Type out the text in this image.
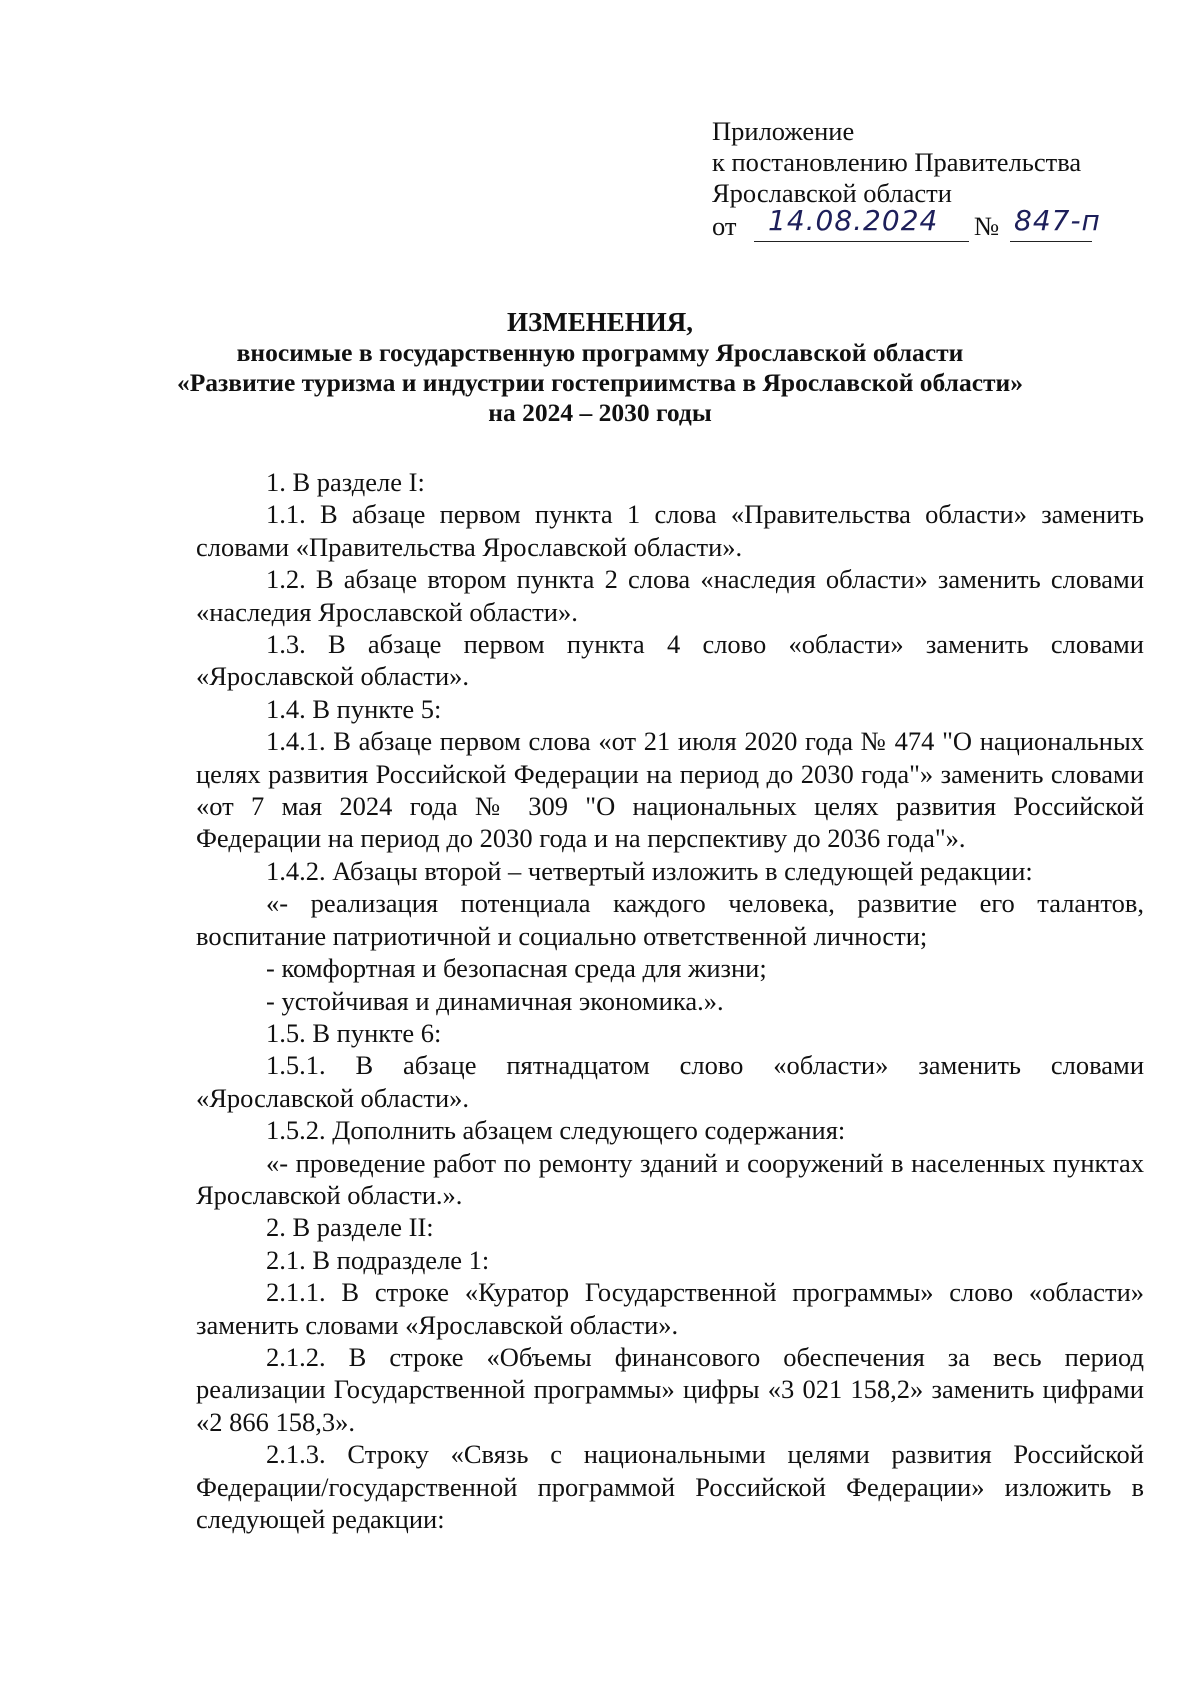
Приложение
к постановлению Правительства
Ярославской области
от 14.08.2024 № 847-п
ИЗМЕНЕНИЯ,
вносимые в государственную программу Ярославской области
«Развитие туризма и индустрии гостеприимства в Ярославской области»
на 2024 – 2030 годы

1. В разделе I:

1.1. В абзаце первом пункта 1 слова «Правительства области» заменить словами «Правительства Ярославской области».

1.2. В абзаце втором пункта 2 слова «наследия области» заменить словами «наследия Ярославской области».

1.3. В абзаце первом пункта 4 слово «области» заменить словами «Ярославской области».

1.4. В пункте 5:

1.4.1. В абзаце первом слова «от 21 июля 2020 года № 474 "О национальных целях развития Российской Федерации на период до 2030 года"» заменить словами «от 7 мая 2024 года № 309 "О национальных целях развития Российской Федерации на период до 2030 года и на перспективу до 2036 года"».

1.4.2. Абзацы второй – четвертый изложить в следующей редакции:

«- реализация потенциала каждого человека, развитие его талантов, воспитание патриотичной и социально ответственной личности;

- комфортная и безопасная среда для жизни;

- устойчивая и динамичная экономика.».

1.5. В пункте 6:

1.5.1. В абзаце пятнадцатом слово «области» заменить словами «Ярославской области».

1.5.2. Дополнить абзацем следующего содержания:

«- проведение работ по ремонту зданий и сооружений в населенных пунктах Ярославской области.».

2. В разделе II:

2.1. В подразделе 1:

2.1.1. В строке «Куратор Государственной программы» слово «области» заменить словами «Ярославской области».

2.1.2. В строке «Объемы финансового обеспечения за весь период реализации Государственной программы» цифры «3 021 158,2» заменить цифрами «2 866 158,3».

2.1.3. Строку «Связь с национальными целями развития Российской Федерации/государственной программой Российской Федерации» изложить в следующей редакции:
